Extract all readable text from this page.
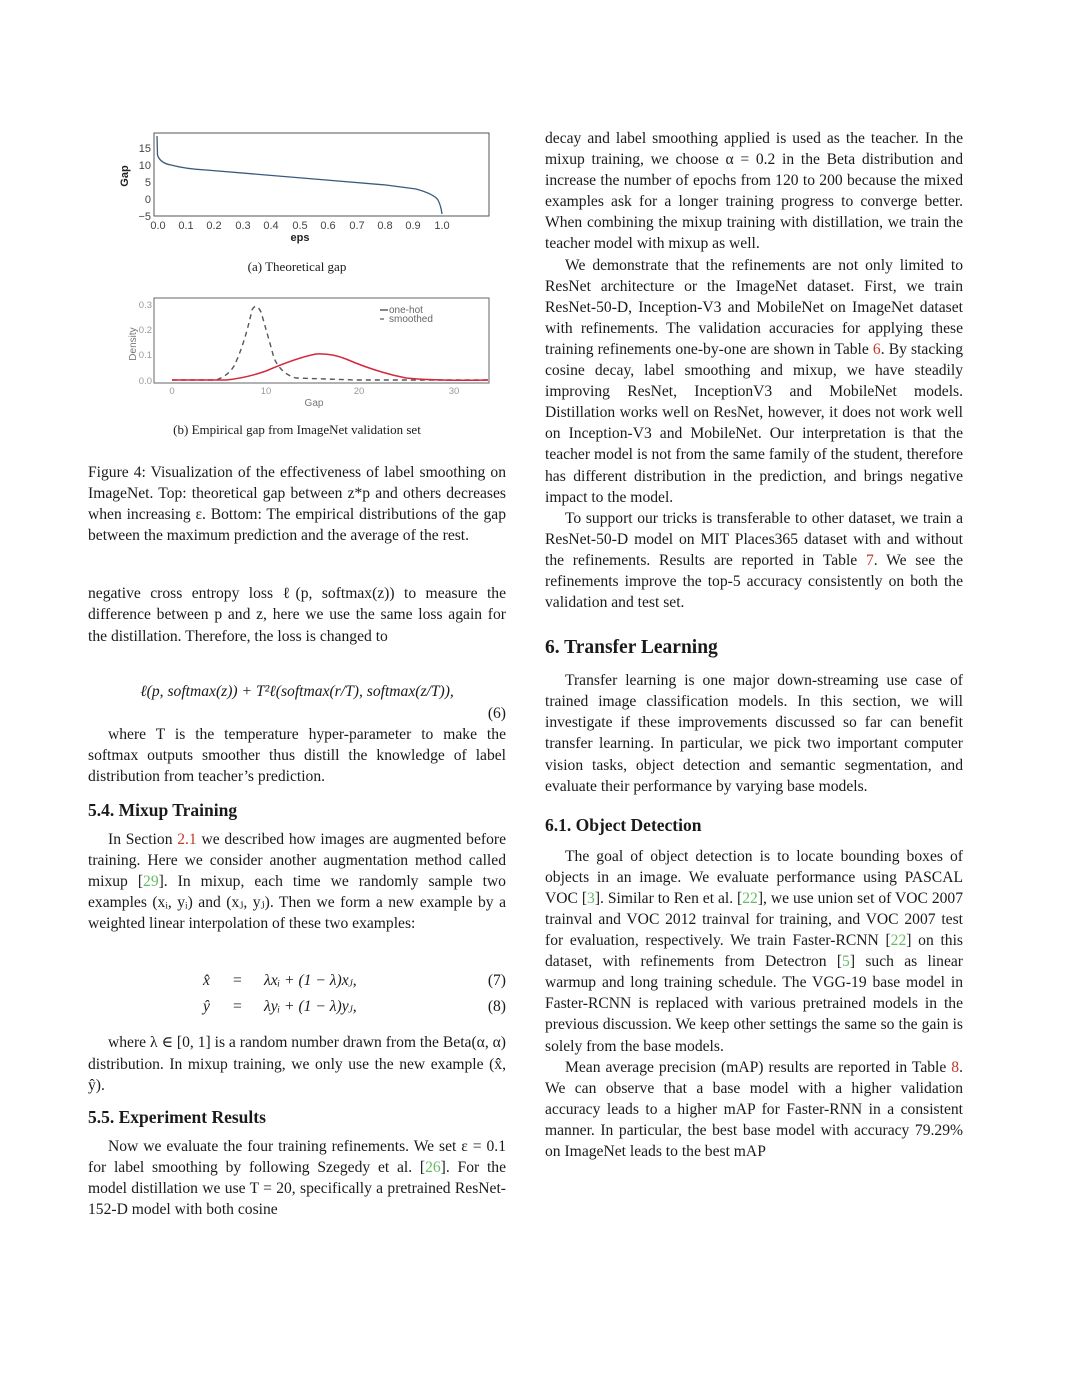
15
10
5
0
−5
Gap
0.0 0.1 0.2 0.3 0.4 0.5 0.6 0.7 0.8 0.9 1.0
eps
(a) Theoretical gap
0.3
0.2
0.1
0.0
Density
one-hot
smoothed
0	10	20	30
Gap
(b) Empirical gap from ImageNet validation set

Figure 4: Visualization of the effectiveness of label smoothing on ImageNet. Top: theoretical gap between z*p and others decreases when increasing ε. Bottom: The empirical distributions of the gap between the maximum prediction and the average of the rest.

negative cross entropy loss ℓ(p, softmax(z)) to measure the difference between p and z, here we use the same loss again for the distillation. Therefore, the loss is changed to

ℓ(p, softmax(z)) + T²ℓ(softmax(r/T), softmax(z/T)),
(6)

where T is the temperature hyper-parameter to make the softmax outputs smoother thus distill the knowledge of label distribution from teacher’s prediction.

5.4. Mixup Training

In Section 2.1 we described how images are augmented before training. Here we consider another augmentation method called mixup [29]. In mixup, each time we randomly sample two examples (xᵢ, yᵢ) and (xⱼ, yⱼ). Then we form a new example by a weighted linear interpolation of these two examples:

x̂ = λxᵢ + (1 − λ)xⱼ,	(7)
ŷ = λyᵢ + (1 − λ)yⱼ,	(8)

where λ ∈ [0, 1] is a random number drawn from the Beta(α, α) distribution. In mixup training, we only use the new example (x̂, ŷ).

5.5. Experiment Results

Now we evaluate the four training refinements. We set ε = 0.1 for label smoothing by following Szegedy et al. [26]. For the model distillation we use T = 20, specifically a pretrained ResNet-152-D model with both cosine

decay and label smoothing applied is used as the teacher. In the mixup training, we choose α = 0.2 in the Beta distribution and increase the number of epochs from 120 to 200 because the mixed examples ask for a longer training progress to converge better. When combining the mixup training with distillation, we train the teacher model with mixup as well.

We demonstrate that the refinements are not only limited to ResNet architecture or the ImageNet dataset. First, we train ResNet-50-D, Inception-V3 and MobileNet on ImageNet dataset with refinements. The validation accuracies for applying these training refinements one-by-one are shown in Table 6. By stacking cosine decay, label smoothing and mixup, we have steadily improving ResNet, InceptionV3 and MobileNet models. Distillation works well on ResNet, however, it does not work well on Inception-V3 and MobileNet. Our interpretation is that the teacher model is not from the same family of the student, therefore has different distribution in the prediction, and brings negative impact to the model.

To support our tricks is transferable to other dataset, we train a ResNet-50-D model on MIT Places365 dataset with and without the refinements. Results are reported in Table 7. We see the refinements improve the top-5 accuracy consistently on both the validation and test set.

6. Transfer Learning

Transfer learning is one major down-streaming use case of trained image classification models. In this section, we will investigate if these improvements discussed so far can benefit transfer learning. In particular, we pick two important computer vision tasks, object detection and semantic segmentation, and evaluate their performance by varying base models.

6.1. Object Detection

The goal of object detection is to locate bounding boxes of objects in an image. We evaluate performance using PASCAL VOC [3]. Similar to Ren et al. [22], we use union set of VOC 2007 trainval and VOC 2012 trainval for training, and VOC 2007 test for evaluation, respectively. We train Faster-RCNN [22] on this dataset, with refinements from Detectron [5] such as linear warmup and long training schedule. The VGG-19 base model in Faster-RCNN is replaced with various pretrained models in the previous discussion. We keep other settings the same so the gain is solely from the base models.

Mean average precision (mAP) results are reported in Table 8. We can observe that a base model with a higher validation accuracy leads to a higher mAP for Faster-RNN in a consistent manner. In particular, the best base model with accuracy 79.29% on ImageNet leads to the best mAP
